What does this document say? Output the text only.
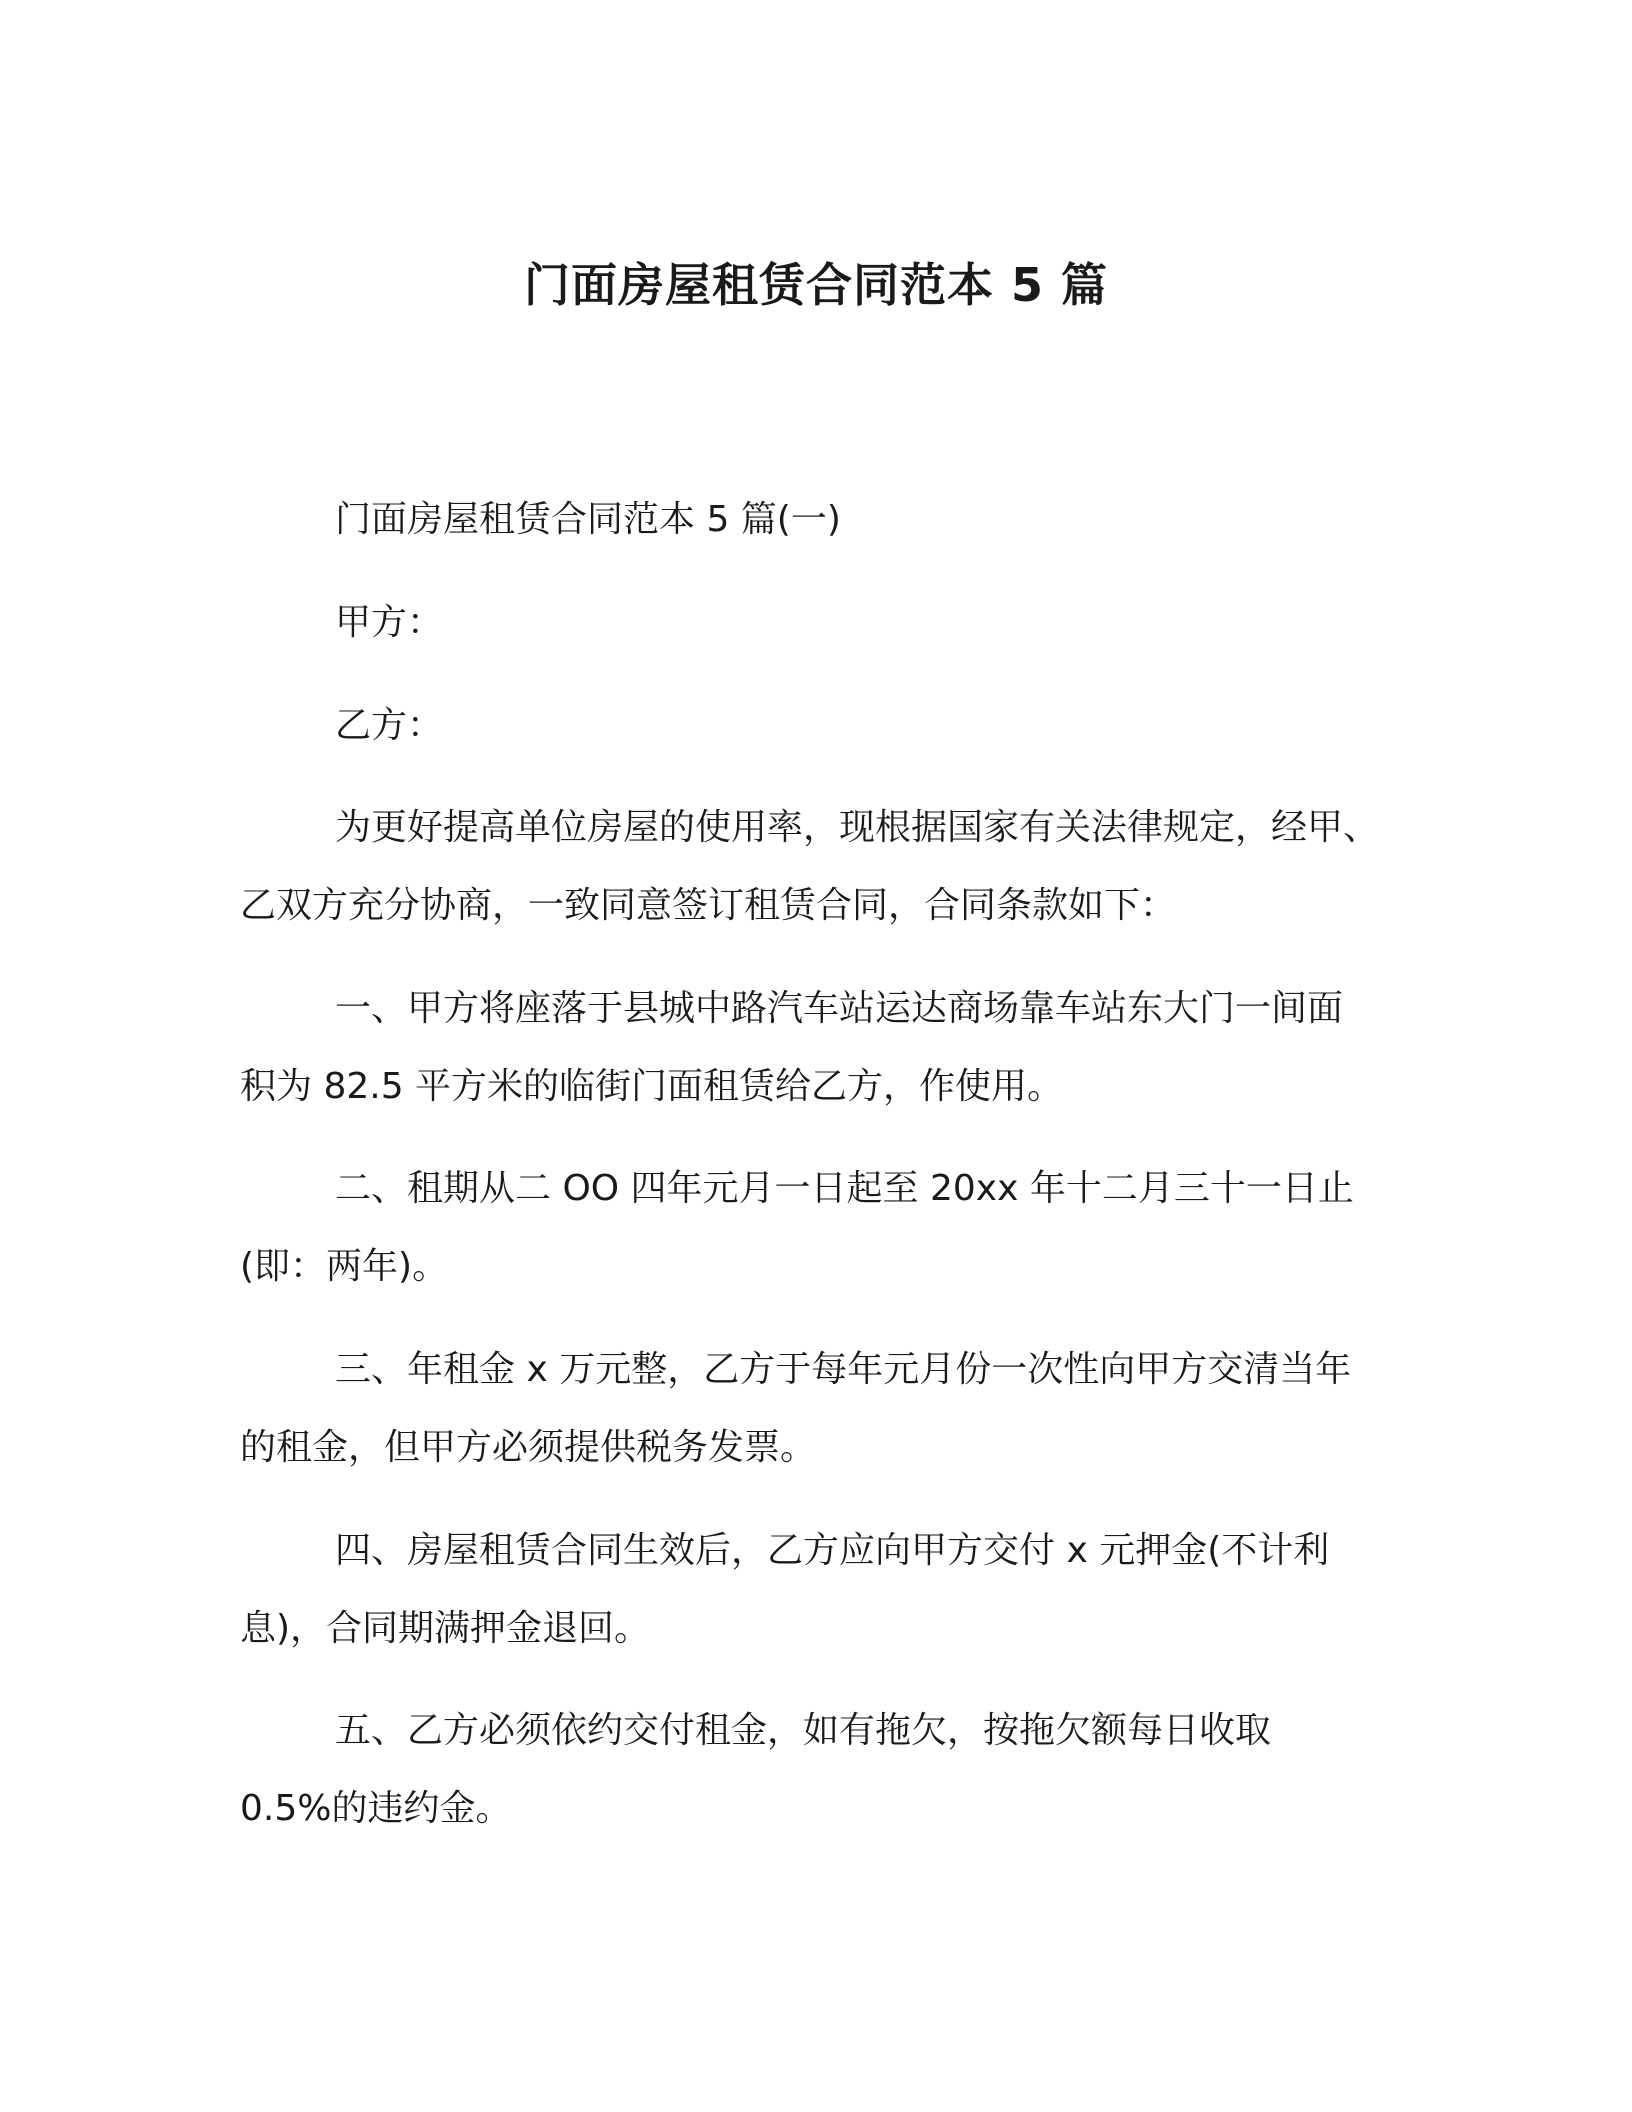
门面房屋租赁合同范本 5 篇

门面房屋租赁合同范本 5 篇(一)

甲方：

乙方：

为更好提高单位房屋的使用率，现根据国家有关法律规定，经甲、

乙双方充分协商，一致同意签订租赁合同，合同条款如下：

一、甲方将座落于县城中路汽车站运达商场靠车站东大门一间面

积为 82.5 平方米的临街门面租赁给乙方，作使用。

二、租期从二 OO 四年元月一日起至 20xx 年十二月三十一日止

(即：两年)。

三、年租金 x 万元整，乙方于每年元月份一次性向甲方交清当年

的租金，但甲方必须提供税务发票。

四、房屋租赁合同生效后，乙方应向甲方交付 x 元押金(不计利

息)，合同期满押金退回。

五、乙方必须依约交付租金，如有拖欠，按拖欠额每日收取

0.5%的违约金。
